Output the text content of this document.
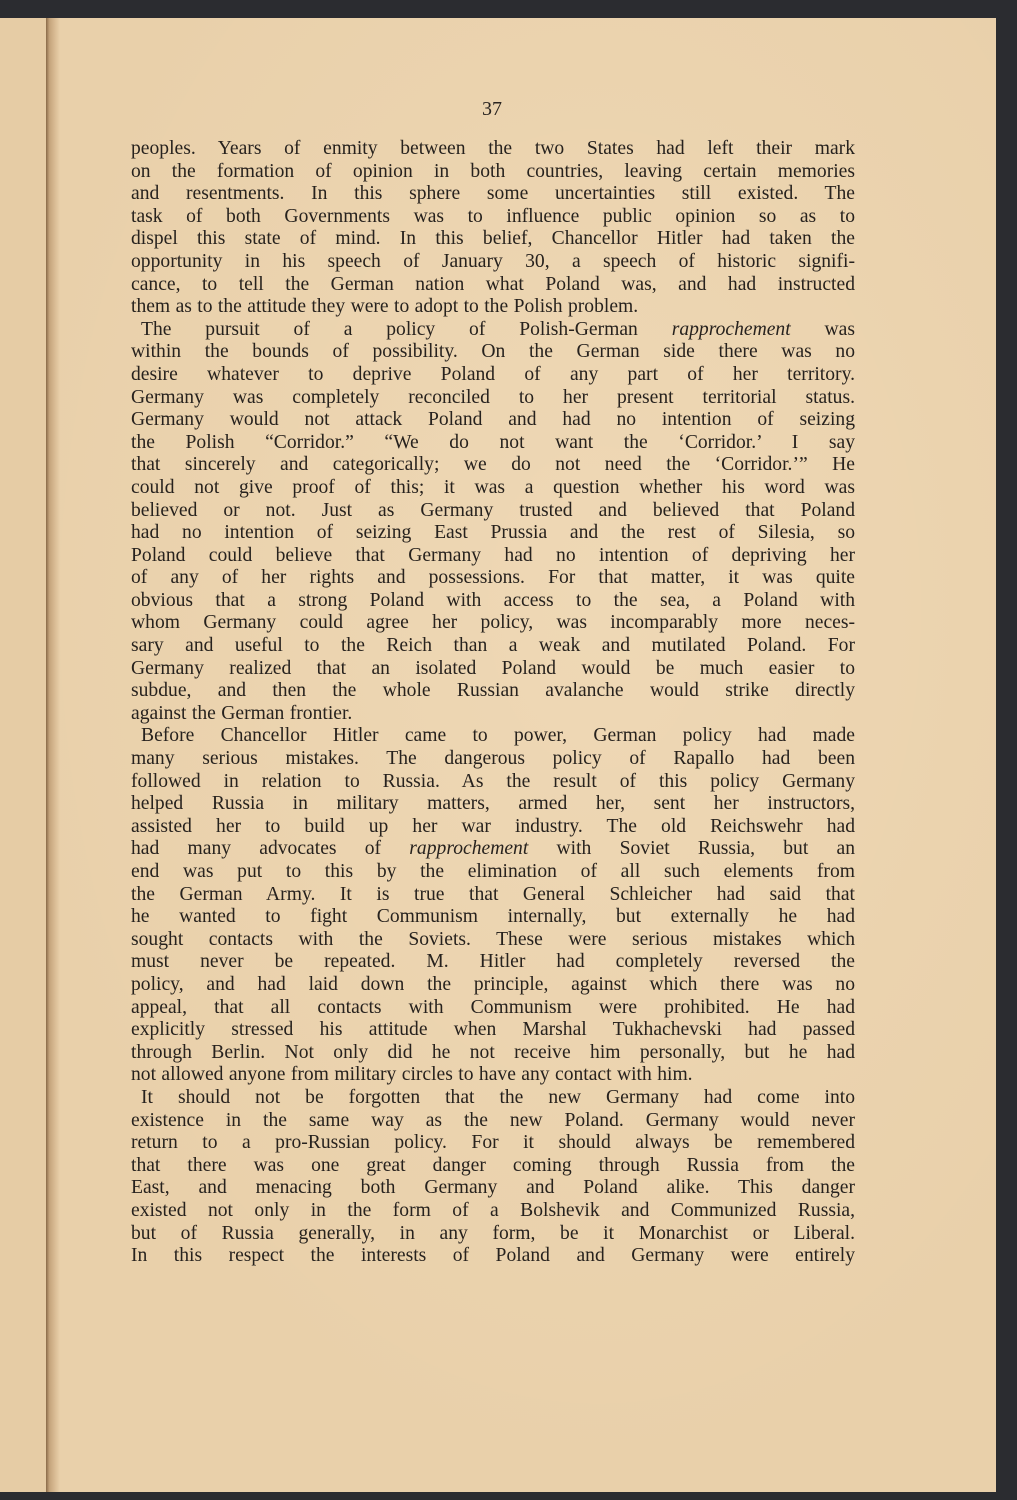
37
peoples. Years of enmity between the two States had left their mark
on the formation of opinion in both countries, leaving certain memories
and resentments. In this sphere some uncertainties still existed. The
task of both Governments was to influence public opinion so as to
dispel this state of mind. In this belief, Chancellor Hitler had taken the
opportunity in his speech of January 30, a speech of historic signifi-
cance, to tell the German nation what Poland was, and had instructed
them as to the attitude they were to adopt to the Polish problem.
The pursuit of a policy of Polish-German rapprochement was
within the bounds of possibility. On the German side there was no
desire whatever to deprive Poland of any part of her territory.
Germany was completely reconciled to her present territorial status.
Germany would not attack Poland and had no intention of seizing
the Polish “Corridor.” “We do not want the ‘Corridor.’ I say
that sincerely and categorically; we do not need the ‘Corridor.’” He
could not give proof of this; it was a question whether his word was
believed or not. Just as Germany trusted and believed that Poland
had no intention of seizing East Prussia and the rest of Silesia, so
Poland could believe that Germany had no intention of depriving her
of any of her rights and possessions. For that matter, it was quite
obvious that a strong Poland with access to the sea, a Poland with
whom Germany could agree her policy, was incomparably more neces-
sary and useful to the Reich than a weak and mutilated Poland. For
Germany realized that an isolated Poland would be much easier to
subdue, and then the whole Russian avalanche would strike directly
against the German frontier.
Before Chancellor Hitler came to power, German policy had made
many serious mistakes. The dangerous policy of Rapallo had been
followed in relation to Russia. As the result of this policy Germany
helped Russia in military matters, armed her, sent her instructors,
assisted her to build up her war industry. The old Reichswehr had
had many advocates of rapprochement with Soviet Russia, but an
end was put to this by the elimination of all such elements from
the German Army. It is true that General Schleicher had said that
he wanted to fight Communism internally, but externally he had
sought contacts with the Soviets. These were serious mistakes which
must never be repeated. M. Hitler had completely reversed the
policy, and had laid down the principle, against which there was no
appeal, that all contacts with Communism were prohibited. He had
explicitly stressed his attitude when Marshal Tukhachevski had passed
through Berlin. Not only did he not receive him personally, but he had
not allowed anyone from military circles to have any contact with him.
It should not be forgotten that the new Germany had come into
existence in the same way as the new Poland. Germany would never
return to a pro-Russian policy. For it should always be remembered
that there was one great danger coming through Russia from the
East, and menacing both Germany and Poland alike. This danger
existed not only in the form of a Bolshevik and Communized Russia,
but of Russia generally, in any form, be it Monarchist or Liberal.
In this respect the interests of Poland and Germany were entirely
